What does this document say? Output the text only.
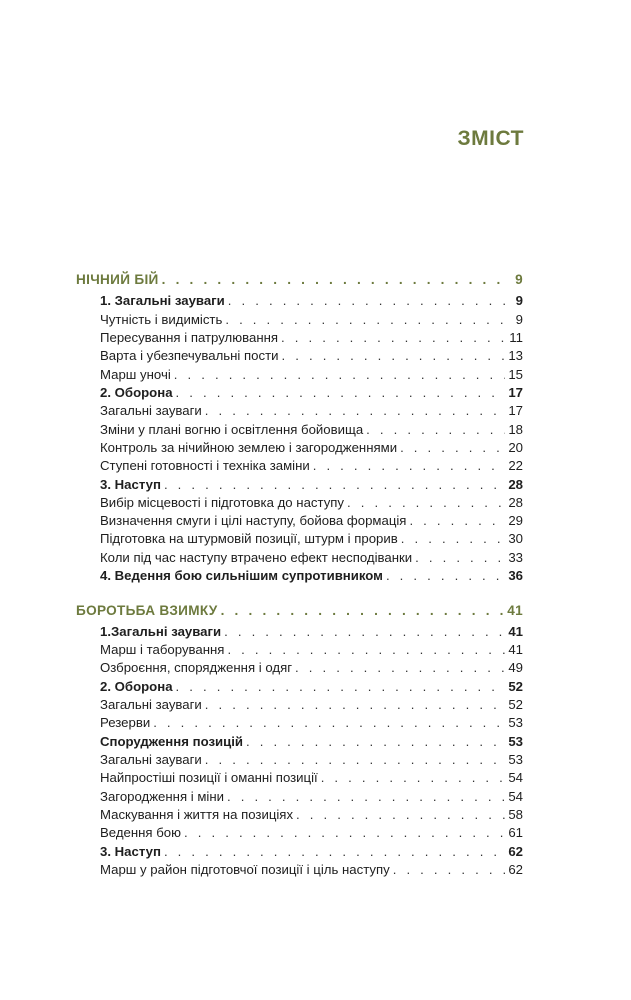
ЗМІСТ
НІЧНИЙ БІЙ . . .	9
1. Загальні зауваги . . .	9
Чутність і видимість . . .	9
Пересування і патрулювання . . .	11
Варта і убезпечувальні пости . . .	13
Марш уночі . . .	15
2. Оборона . . .	17
Загальні зауваги . . .	17
Зміни у плані вогню і освітлення бойовища . . .	18
Контроль за нічийною землею і загородженнями . . .	20
Ступені готовності і техніка заміни . . .	22
3. Наступ . . .	28
Вибір місцевості і підготовка до наступу . . .	28
Визначення смуги і цілі наступу, бойова формація . . .	29
Підготовка на штурмовій позиції, штурм і прорив . . .	30
Коли під час наступу втрачено ефект несподіванки . . .	33
4. Ведення бою сильнішим супротивником . . .	36
БОРОТЬБА ВЗИМКУ . . .	41
1.Загальні зауваги . . .	41
Марш і таборування . . .	41
Озброєння, спорядження і одяг . . .	49
2. Оборона . . .	52
Загальні зауваги . . .	52
Резерви . . .	53
Спорудження позицій . . .	53
Загальні зауваги . . .	53
Найпростіші позиції і оманні позиції . . .	54
Загородження і міни . . .	54
Маскування і життя на позиціях . . .	58
Ведення бою . . .	61
3. Наступ . . .	62
Марш у район підготовчої позиції і ціль наступу . . .	62
